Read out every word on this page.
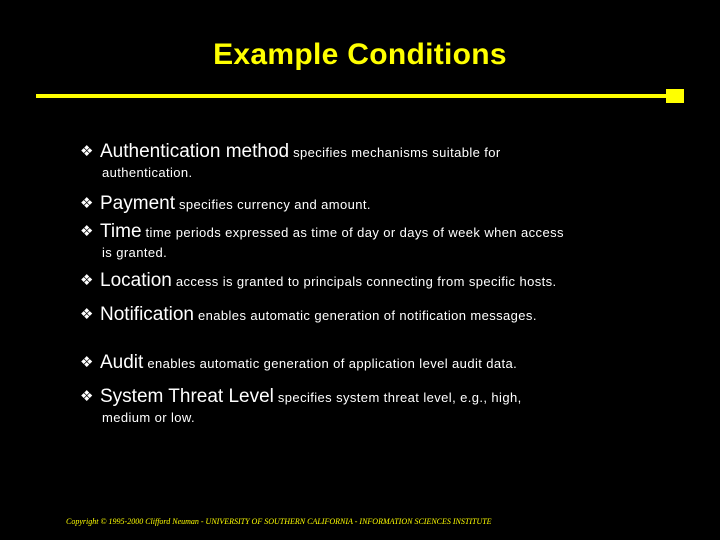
Example Conditions
❖ Authentication method specifies mechanisms suitable for
authentication.
❖ Payment specifies currency and amount.
❖ Time time periods expressed as time of day or days of week when access
is granted.
❖ Location access is granted to principals connecting from specific hosts.
❖ Notification enables automatic generation of notification messages.
❖ Audit enables automatic generation of application level audit data.
❖ System Threat Level specifies system threat level, e.g., high,
medium or low.
Copyright © 1995-2000 Clifford Neuman - UNIVERSITY OF SOUTHERN CALIFORNIA - INFORMATION SCIENCES INSTITUTE
